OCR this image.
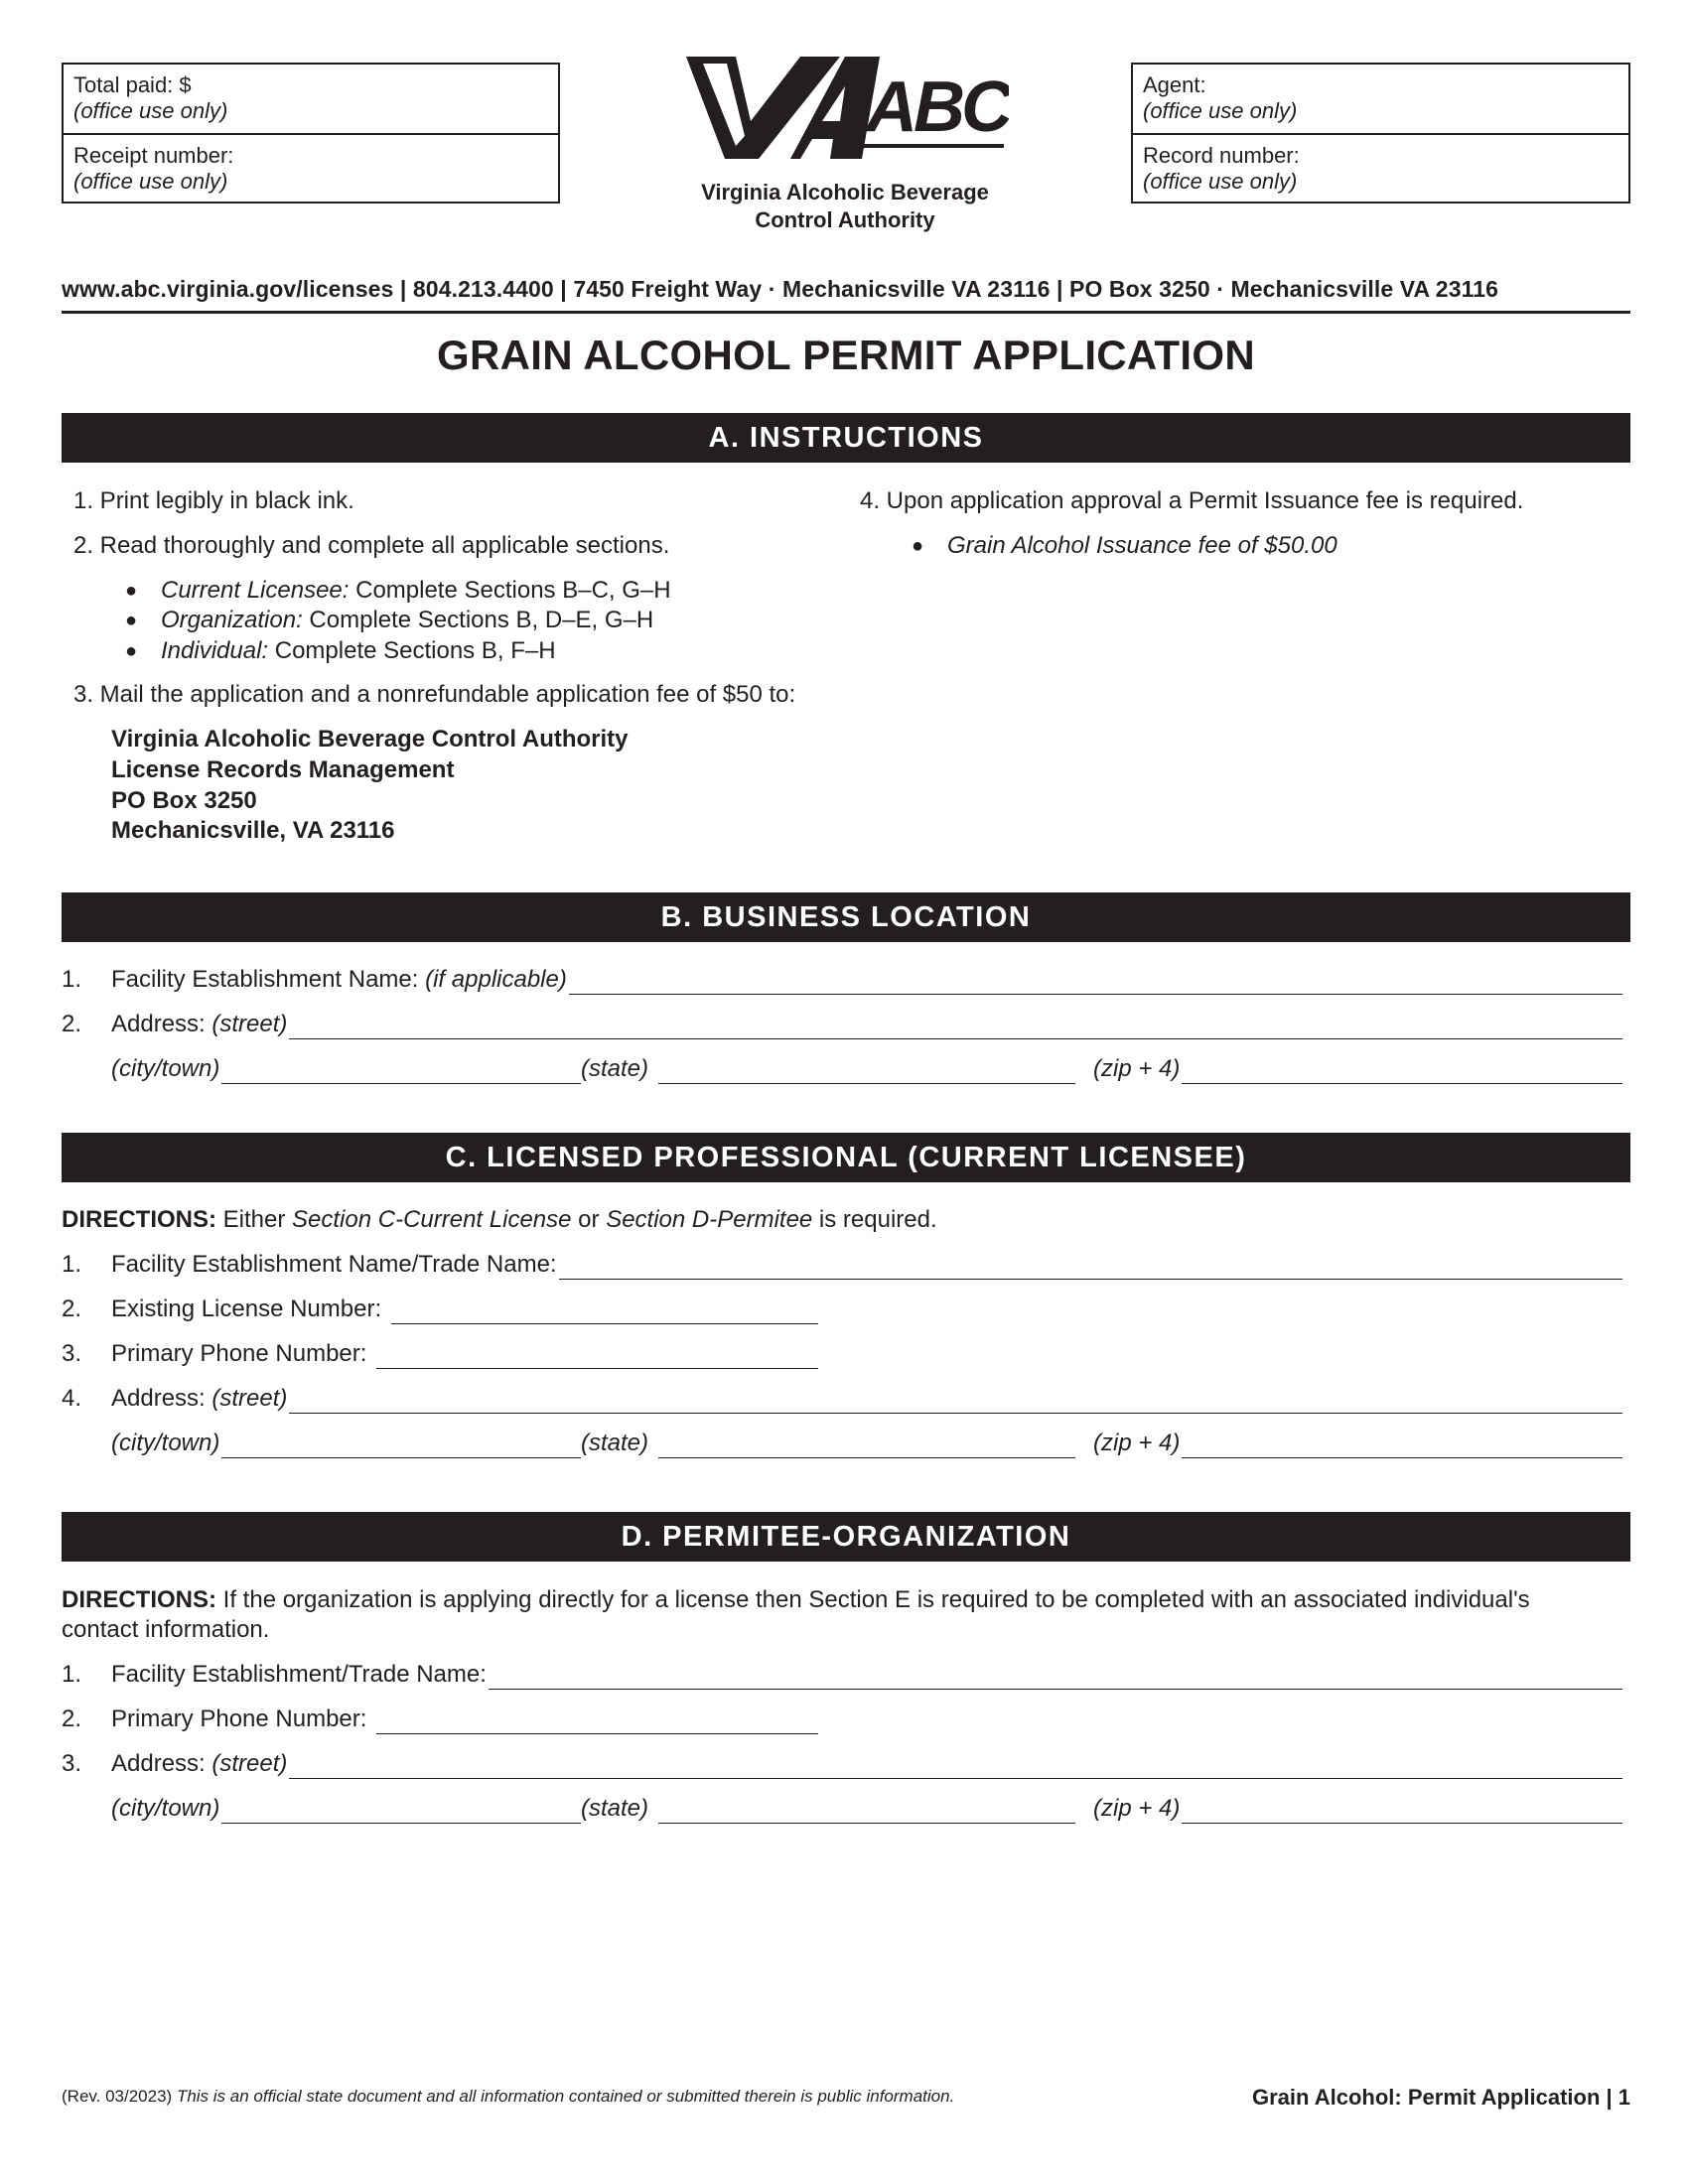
Total paid: $
(office use only)
Receipt number:
(office use only)
Agent:
(office use only)
Record number:
(office use only)
ABC
Virginia Alcoholic Beverage
Control Authority
www.abc.virginia.gov/licenses | 804.213.4400 | 7450 Freight Way · Mechanicsville VA 23116 | PO Box 3250 · Mechanicsville VA 23116
GRAIN ALCOHOL PERMIT APPLICATION
A. INSTRUCTIONS
1. Print legibly in black ink.
2. Read thoroughly and complete all applicable sections.
● Current Licensee: Complete Sections B–C, G–H
● Organization: Complete Sections B, D–E, G–H
● Individual: Complete Sections B, F–H
3. Mail the application and a nonrefundable application fee of $50 to:
Virginia Alcoholic Beverage Control Authority
License Records Management
PO Box 3250
Mechanicsville, VA 23116
4. Upon application approval a Permit Issuance fee is required.
● Grain Alcohol Issuance fee of $50.00
B. BUSINESS LOCATION
1. Facility Establishment Name:
(if applicable)
2. Address:
(street)
(city/town)	(state)	(zip + 4)
C. LICENSED PROFESSIONAL (CURRENT LICENSEE)
DIRECTIONS: Either Section C-Current License or Section D-Permitee is required.
1. Facility Establishment Name/Trade Name:
2. Existing License Number:
3. Primary Phone Number:
4. Address:
(street)
(city/town)	(state)	(zip + 4)
D. PERMITEE-ORGANIZATION
DIRECTIONS: If the organization is applying directly for a license then Section E is required to be completed with an associated individual's
contact information.
1. Facility Establishment/Trade Name:
2. Primary Phone Number:
3. Address:
(street)
(city/town)	(state)	(zip + 4)
(Rev. 03/2023) This is an official state document and all information contained or submitted therein is public information.	Grain Alcohol: Permit Application | 1
